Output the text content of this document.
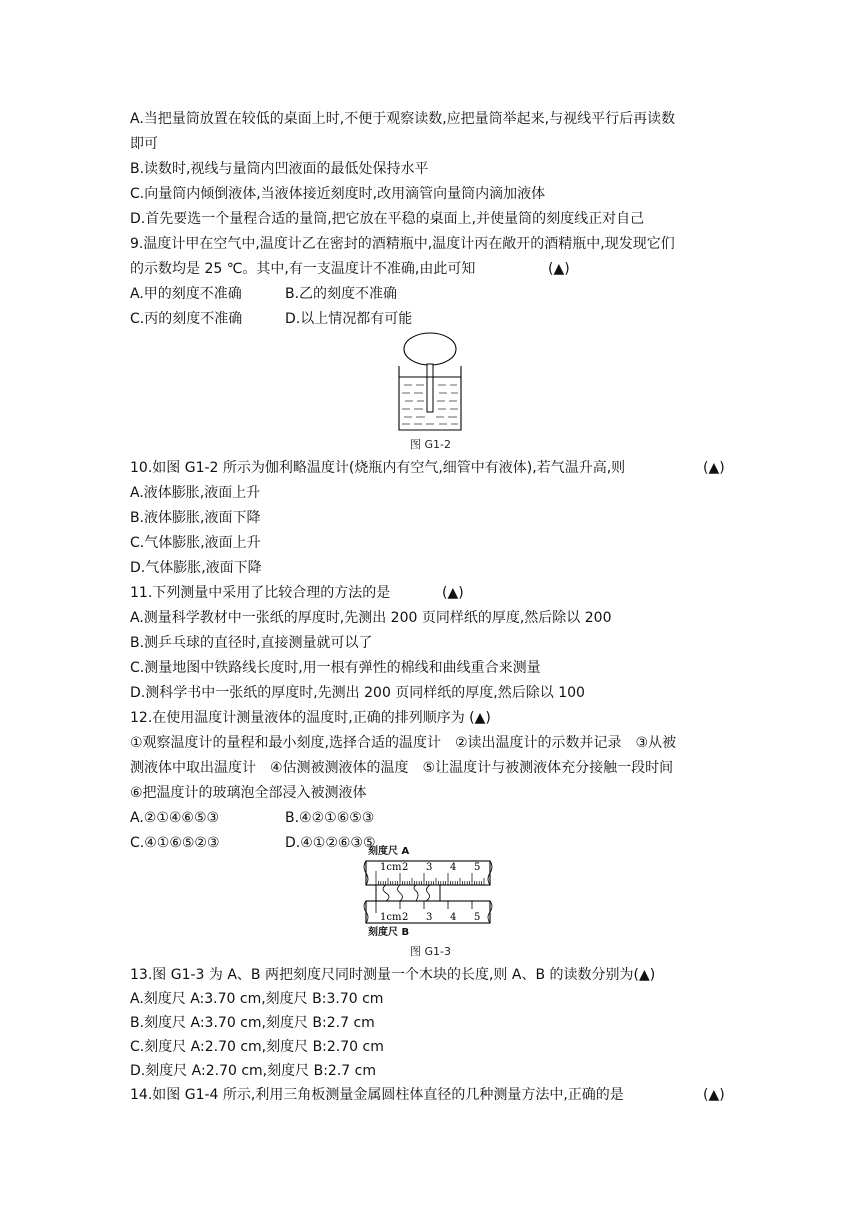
A.当把量筒放置在较低的桌面上时,不便于观察读数,应把量筒举起来,与视线平行后再读数
即可
B.读数时,视线与量筒内凹液面的最低处保持水平
C.向量筒内倾倒液体,当液体接近刻度时,改用滴管向量筒内滴加液体
D.首先要选一个量程合适的量筒,把它放在平稳的桌面上,并使量筒的刻度线正对自己
9.温度计甲在空气中,温度计乙在密封的酒精瓶中,温度计丙在敞开的酒精瓶中,现发现它们
的示数均是 25 ℃。其中,有一支温度计不准确,由此可知	(▲)
A.甲的刻度不准确	B.乙的刻度不准确
C.丙的刻度不准确	D.以上情况都有可能
图 G1-2
10.如图 G1-2 所示为伽利略温度计(烧瓶内有空气,细管中有液体),若气温升高,则	(▲)
A.液体膨胀,液面上升
B.液体膨胀,液面下降
C.气体膨胀,液面上升
D.气体膨胀,液面下降
11.下列测量中采用了比较合理的方法的是	(▲)
A.测量科学教材中一张纸的厚度时,先测出 200 页同样纸的厚度,然后除以 200
B.测乒乓球的直径时,直接测量就可以了
C.测量地图中铁路线长度时,用一根有弹性的棉线和曲线重合来测量
D.测科学书中一张纸的厚度时,先测出 200 页同样纸的厚度,然后除以 100
12.在使用温度计测量液体的温度时,正确的排列顺序为 (▲)
①观察温度计的量程和最小刻度,选择合适的温度计　②读出温度计的示数并记录　③从被
测液体中取出温度计　④估测被测液体的温度　⑤让温度计与被测液体充分接触一段时间
⑥把温度计的玻璃泡全部浸入被测液体
A.②①④⑥⑤③	B.④②①⑥⑤③
C.④①⑥⑤②③	D.④①②⑥③⑤
刻度尺 A
1cm 2 3 4 5
1cm 2 3 4 5
刻度尺 B
图 G1-3
13.图 G1-3 为 A、B 两把刻度尺同时测量一个木块的长度,则 A、B 的读数分别为(▲)
A.刻度尺 A:3.70 cm,刻度尺 B:3.70 cm
B.刻度尺 A:3.70 cm,刻度尺 B:2.7 cm
C.刻度尺 A:2.70 cm,刻度尺 B:2.70 cm
D.刻度尺 A:2.70 cm,刻度尺 B:2.7 cm
14.如图 G1-4 所示,利用三角板测量金属圆柱体直径的几种测量方法中,正确的是	(▲)
